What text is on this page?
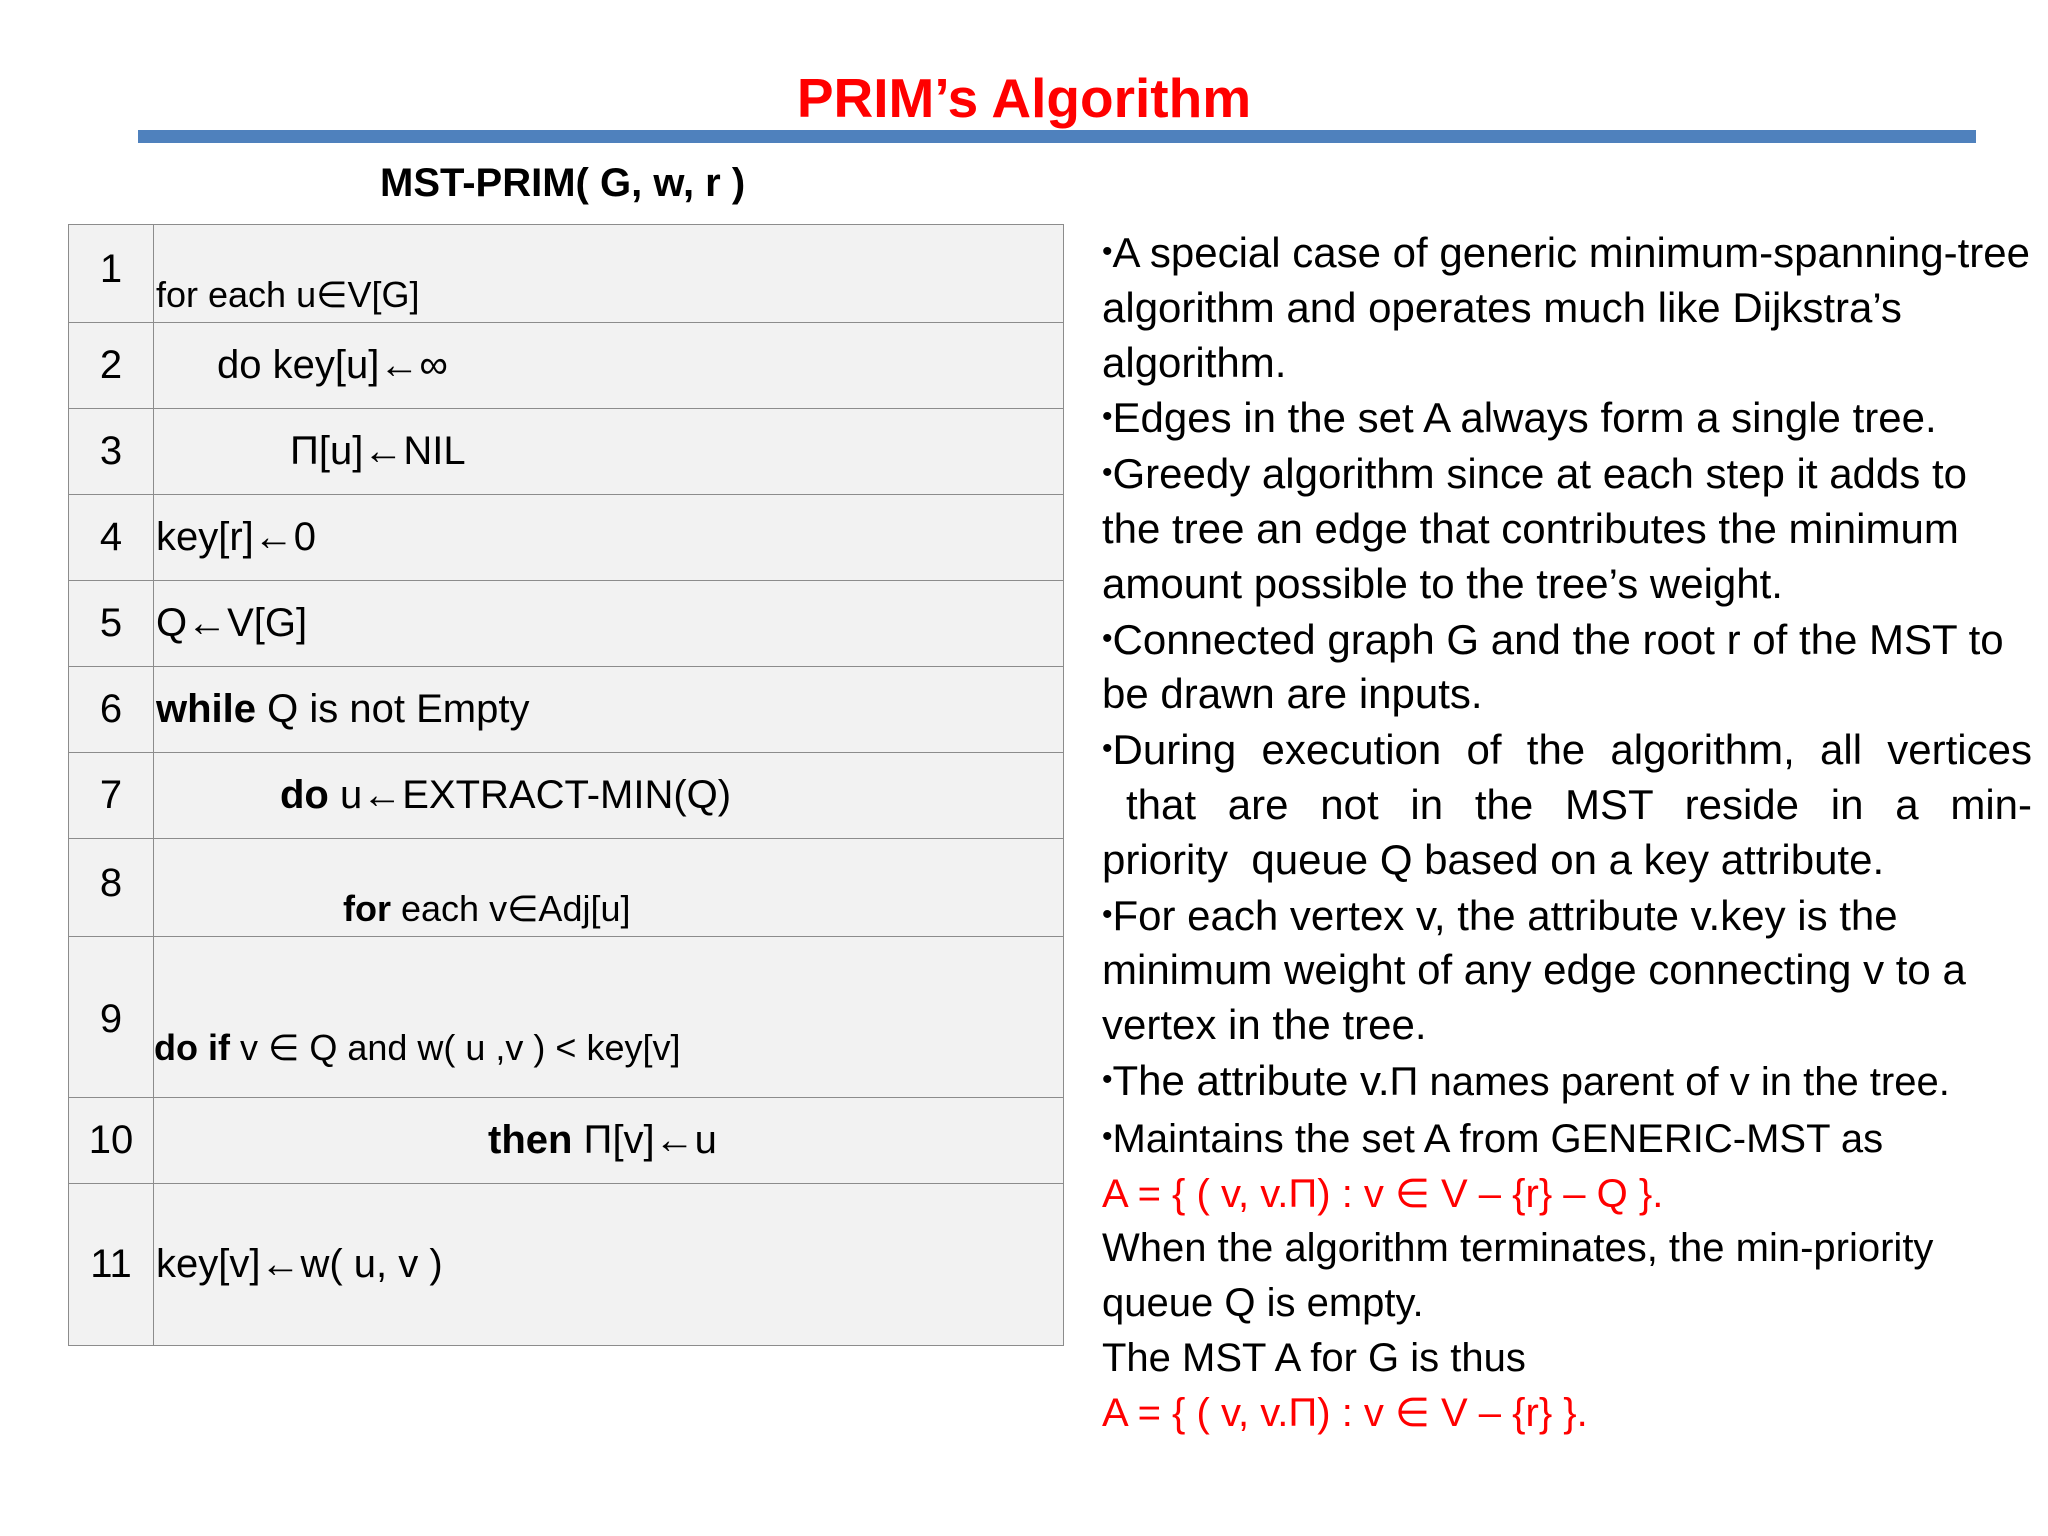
PRIM’s Algorithm
MST-PRIM( G, w, r )
1	for each u∈V[G]

2	do key[u]←∞

3	Π[u]←NIL

4	key[r]←0

5	Q←V[G]

6	while Q is not Empty

7	do u←EXTRACT-MIN(Q)

8	for each v∈Adj[u]

9	do if v ∈ Q and w( u ,v ) < key[v]

10	then Π[v]←u

11	key[v]←w( u, v )

• A special case of generic minimum-spanning-tree algorithm and operates much like Dijkstra’s algorithm.

• Edges in the set A always form a single tree.

• Greedy algorithm since at each step it adds to the tree an edge that contributes the minimum amount possible to the tree’s weight.

• Connected graph G and the root r of the MST to be drawn are inputs.

• During execution of the algorithm, all vertices

that are not in the MST reside in a min-

priority  queue Q based on a key attribute.

• For each vertex v, the attribute v.key is the minimum weight of any edge connecting v to a vertex in the tree.

• The attribute v.Π names parent of v in the tree.

• Maintains the set A from GENERIC-MST as

A = { ( v, v.Π) : v ∈ V – {r} – Q }.

When the algorithm terminates, the min-priority queue Q is empty.

The MST A for G is thus

A = { ( v, v.Π) : v ∈ V – {r} }.
